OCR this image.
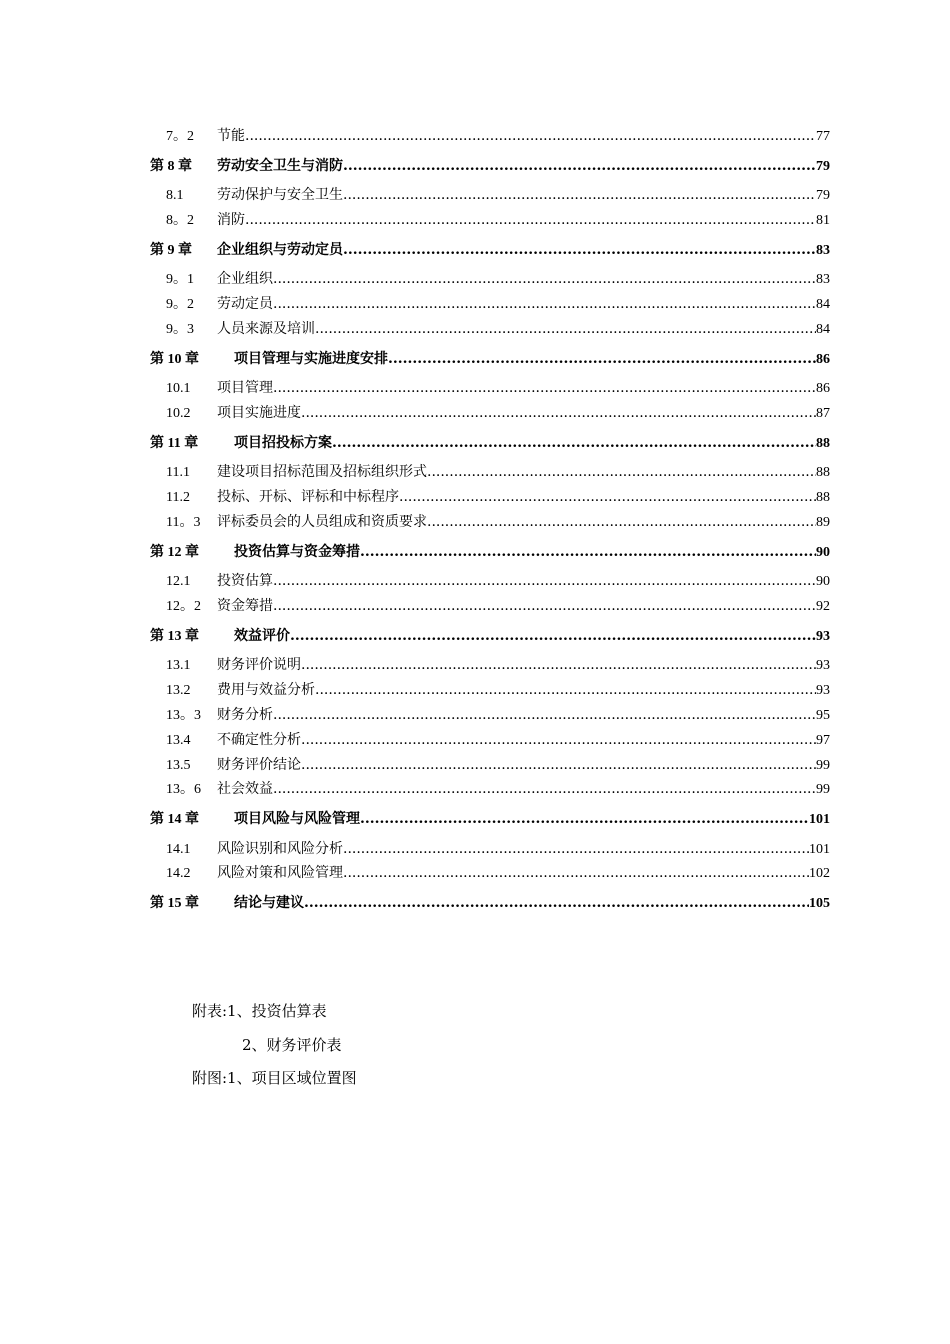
7。2	节能 .....	77
第 8 章	劳动安全卫生与消防 .....	79
8.1	劳动保护与安全卫生 .....	79
8。2	消防 .....	81
第 9 章	企业组织与劳动定员 .....	83
9。1	企业组织 .....	83
9。2	劳动定员 .....	84
9。3	人员来源及培训 .....	84
第 10 章	项目管理与实施进度安排 .....	86
10.1	项目管理 .....	86
10.2	项目实施进度 .....	87
第 11 章	项目招投标方案 .....	88
11.1	建设项目招标范围及招标组织形式 .....	88
11.2	投标、开标、评标和中标程序 .....	88
11。3	评标委员会的人员组成和资质要求 .....	89
第 12 章	投资估算与资金筹措 .....	90
12.1	投资估算 .....	90
12。2	资金筹措 .....	92
第 13 章	效益评价 .....	93
13.1	财务评价说明 .....	93
13.2	费用与效益分析 .....	93
13。3	财务分析 .....	95
13.4	不确定性分析 .....	97
13.5	财务评价结论 .....	99
13。6	社会效益 .....	99
第 14 章	项目风险与风险管理 .....	101
14.1	风险识别和风险分析 .....	101
14.2	风险对策和风险管理 .....	102
第 15 章	结论与建议 .....	105
附表:1、投资估算表
2、财务评价表
附图:1、项目区域位置图
